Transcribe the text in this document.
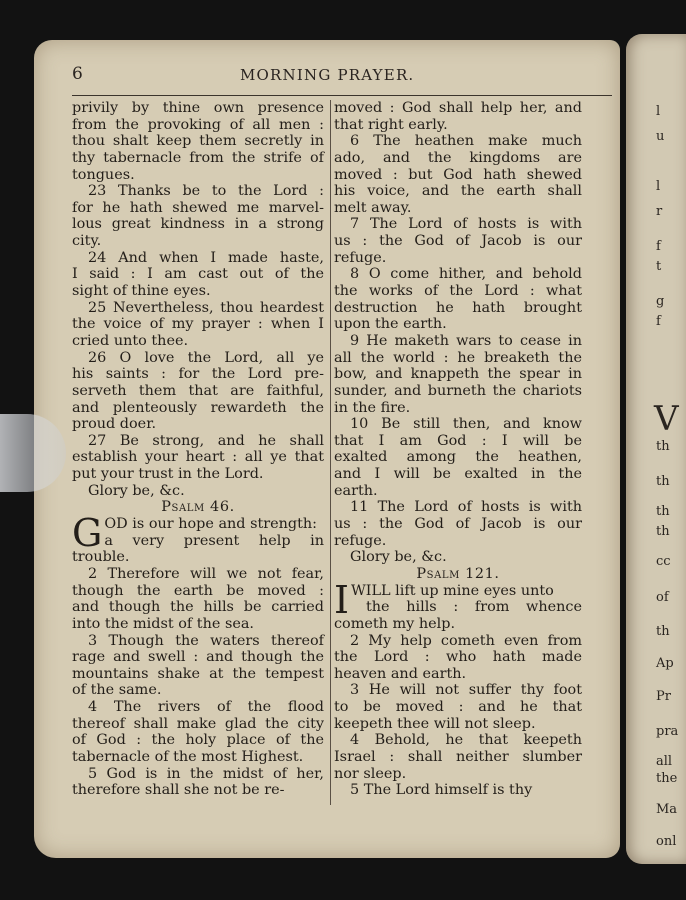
l
u
l
r
f
t
g
f
V
th
th
th
th
cc
of
th
Ap
Pr
pra
all
the
Ma
onl
6	MORNING PRAYER.
privily by thine own presence
from the provoking of all men :
thou shalt keep them secretly in
thy tabernacle from the strife of
tongues.
23 Thanks be to the Lord :
for he hath shewed me marvel-
lous great kindness in a strong
city.
24 And when I made haste,
I said : I am cast out of the
sight of thine eyes.
25 Nevertheless, thou heardest
the voice of my prayer : when I
cried unto thee.
26 O love the Lord, all ye
his saints : for the Lord pre-
serveth them that are faithful,
and plenteously rewardeth the
proud doer.
27 Be strong, and he shall
establish your heart : all ye that
put your trust in the Lord.
Glory be, &c.
Psalm 46.
GOD is our hope and strength:
a very present help in
trouble.
2 Therefore will we not fear,
though the earth be moved :
and though the hills be carried
into the midst of the sea.
3 Though the waters thereof
rage and swell : and though the
mountains shake at the tempest
of the same.
4 The rivers of the flood
thereof shall make glad the city
of God : the holy place of the
tabernacle of the most Highest.
5 God is in the midst of her,
therefore shall she not be re-
moved : God shall help her, and
that right early.
6 The heathen make much
ado, and the kingdoms are
moved : but God hath shewed
his voice, and the earth shall
melt away.
7 The Lord of hosts is with
us : the God of Jacob is our
refuge.
8 O come hither, and behold
the works of the Lord : what
destruction he hath brought
upon the earth.
9 He maketh wars to cease in
all the world : he breaketh the
bow, and knappeth the spear in
sunder, and burneth the chariots
in the fire.
10 Be still then, and know
that I am God : I will be
exalted among the heathen,
and I will be exalted in the
earth.
11 The Lord of hosts is with
us : the God of Jacob is our
refuge.
Glory be, &c.
Psalm 121.
IWILL lift up mine eyes unto
the hills : from whence
cometh my help.
2 My help cometh even from
the Lord : who hath made
heaven and earth.
3 He will not suffer thy foot
to be moved : and he that
keepeth thee will not sleep.
4 Behold, he that keepeth
Israel : shall neither slumber
nor sleep.
5 The Lord himself is thy
